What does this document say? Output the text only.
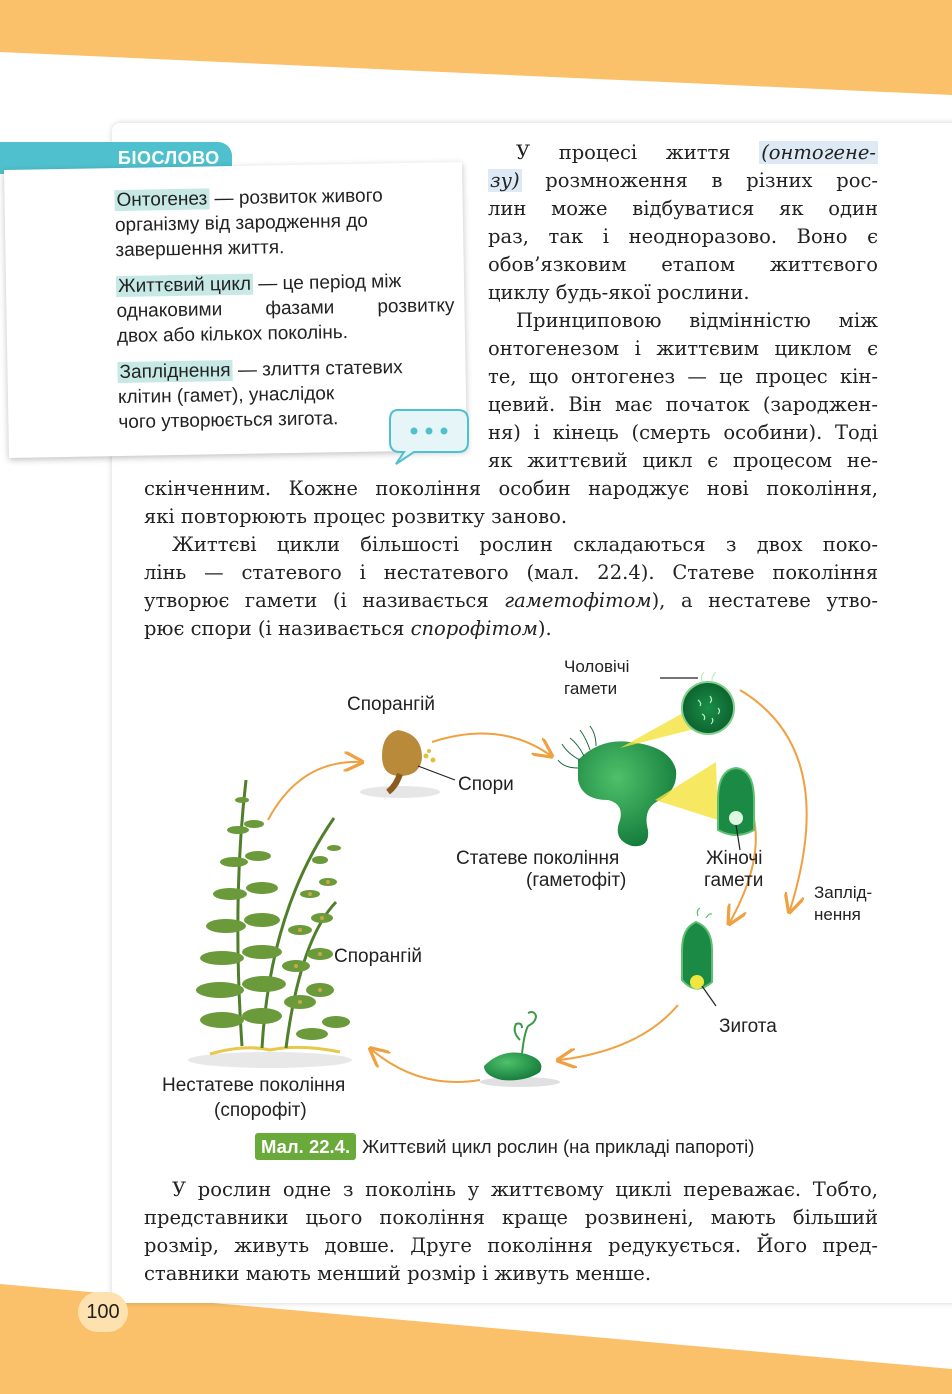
БІОСЛОВО
Онтогенез — розвиток живого
організму від зародження до
завершення життя.
Життєвий цикл — це період між
однаковими фазами розвитку
двох або кількох поколінь.
Запліднення — злиття статевих
клітин (гамет), унаслідок
чого утворюється зигота.

У процесі життя (онтогене-

зу) розмноження в різних рос-

лин може відбуватися як один

раз, так і неодноразово. Воно є

обов’язковим етапом життєвого

циклу будь-якої рослини.

Принциповою відмінністю між

онтогенезом і життєвим циклом є

те, що онтогенез — це процес кін-

цевий. Він має початок (зароджен-

ня) і кінець (смерть особини). Тоді

як життєвий цикл є процесом не-

скінченним. Кожне покоління особин народжує нові покоління,

які повторюють процес розвитку заново.

Життєві цикли більшості рослин складаються з двох поко-

лінь — статевого і нестатевого (мал. 22.4). Статеве покоління

утворює гамети (і називається гаметофітом), а нестатеве утво-

рює спори (і називається спорофітом).

Спорангій
Спори
Чоловічі
гамети
Статеве покоління
(гаметофіт)
Жіночі
гамети
Заплід-
нення
Спорангій
Зигота
Нестатеве покоління
(спорофіт)
Мал. 22.4. Життєвий цикл рослин (на прикладі папороті)

У рослин одне з поколінь у життєвому циклі переважає. Тобто,

представники цього покоління краще розвинені, мають більший

розмір, живуть довше. Друге покоління редукується. Його пред-

ставники мають менший розмір і живуть менше.

100
